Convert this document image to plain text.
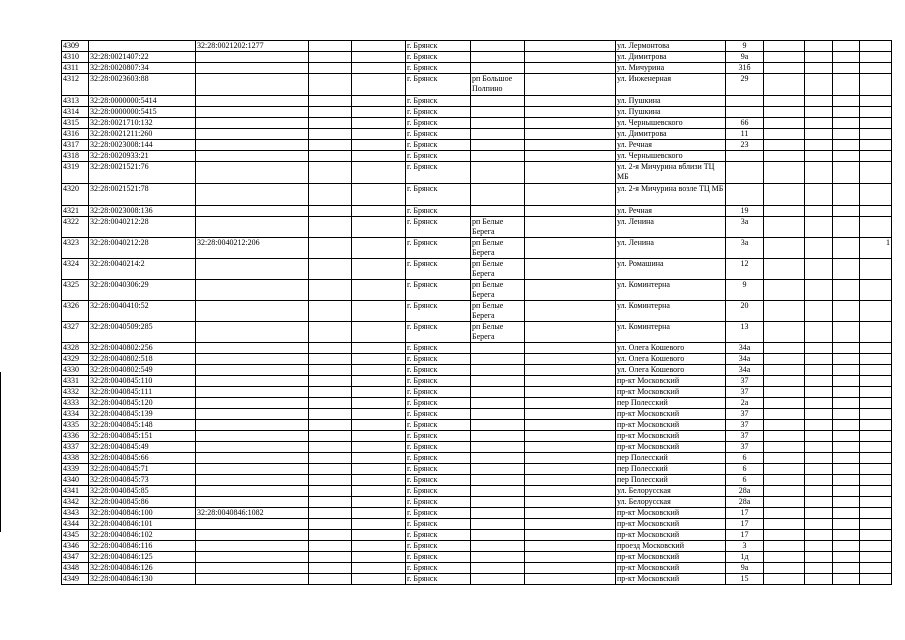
4309		32:28:0021202:1277			г. Брянск			ул. Лермонтова	9				
4310	32:28:0021407:22				г. Брянск			ул. Димитрова	9а				
4311	32:28:0020807:34				г. Брянск			ул. Мичурина	31б				
4312	32:28:0023603:88				г. Брянск	рп Большое Полпино		ул. Инженерная	29				
4313	32:28:0000000:5414				г. Брянск			ул. Пушкина					
4314	32:28:0000000:5415				г. Брянск			ул. Пушкина					
4315	32:28:0021710:132				г. Брянск			ул. Чернышевского	66				
4316	32:28:0021211:260				г. Брянск			ул. Димитрова	11				
4317	32:28:0023008:144				г. Брянск			ул. Речная	23				
4318	32:28:0020933:21				г. Брянск			ул. Чернышевского					
4319	32:28:0021521:76				г. Брянск			ул. 2-я Мичурина вблизи ТЦ МБ					
4320	32:28:0021521:78				г. Брянск			ул. 2-я Мичурина возле ТЦ МБ					
4321	32:28:0023008:136				г. Брянск			ул. Речная	19				
4322	32:28:0040212:28				г. Брянск	рп Белые Берега		ул. Ленина	3а				
4323	32:28:0040212:28	32:28:0040212:206			г. Брянск	рп Белые Берега		ул. Ленина	3а				1
4324	32:28:0040214:2				г. Брянск	рп Белые Берега		ул. Ромашина	12				
4325	32:28:0040306:29				г. Брянск	рп Белые Берега		ул. Коминтерна	9				
4326	32:28:0040410:52				г. Брянск	рп Белые Берега		ул. Коминтерна	20				
4327	32:28:0040509:285				г. Брянск	рп Белые Берега		ул. Коминтерна	13				
4328	32:28:0040802:256				г. Брянск			ул. Олега Кошевого	34а				
4329	32:28:0040802:518				г. Брянск			ул. Олега Кошевого	34а				
4330	32:28:0040802:549				г. Брянск			ул. Олега Кошевого	34а				
4331	32:28:0040845:110				г. Брянск			пр-кт Московский	37				
4332	32:28:0040845:111				г. Брянск			пр-кт Московский	37				
4333	32:28:0040845:120				г. Брянск			пер Полесский	2а				
4334	32:28:0040845:139				г. Брянск			пр-кт Московский	37				
4335	32:28:0040845:148				г. Брянск			пр-кт Московский	37				
4336	32:28:0040845:151				г. Брянск			пр-кт Московский	37				
4337	32:28:0040845:49				г. Брянск			пр-кт Московский	37				
4338	32:28:0040845:66				г. Брянск			пер Полесский	6				
4339	32:28:0040845:71				г. Брянск			пер Полесский	6				
4340	32:28:0040845:73				г. Брянск			пер Полесский	6				
4341	32:28:0040845:85				г. Брянск			ул. Белорусская	28а				
4342	32:28:0040845:86				г. Брянск			ул. Белорусская	28а				
4343	32:28:0040846:100	32:28:0040846:1082			г. Брянск			пр-кт Московский	17				
4344	32:28:0040846:101				г. Брянск			пр-кт Московский	17				
4345	32:28:0040846:102				г. Брянск			пр-кт Московский	17				
4346	32:28:0040846:116				г. Брянск			проезд Московский	3				
4347	32:28:0040846:125				г. Брянск			пр-кт Московский	1д				
4348	32:28:0040846:126				г. Брянск			пр-кт Московский	9а				
4349	32:28:0040846:130				г. Брянск			пр-кт Московский	15				
